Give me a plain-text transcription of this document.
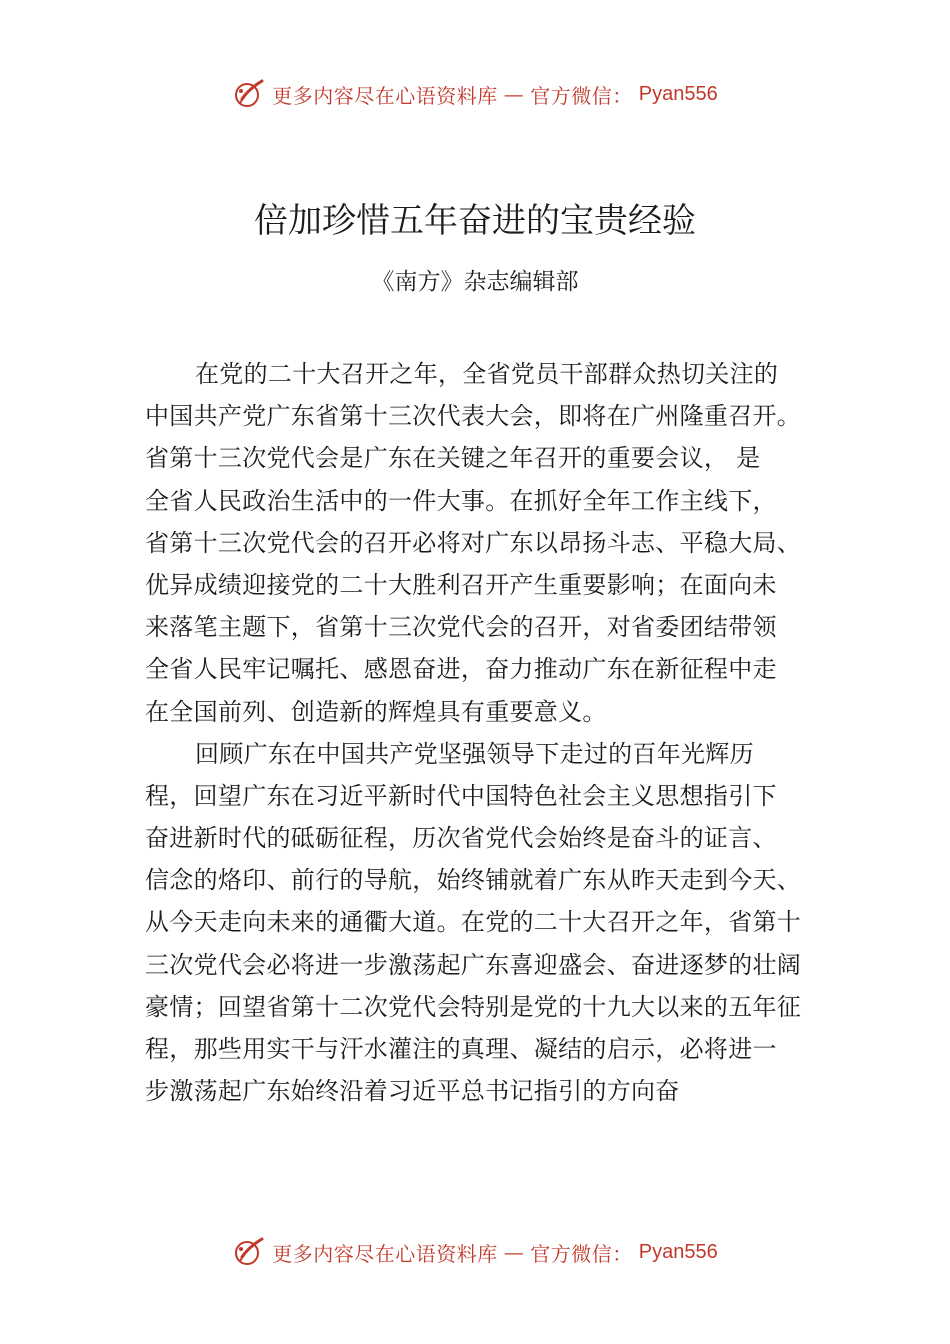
更多内容尽在心语资料库 — 官方微信： Pyan556
倍加珍惜五年奋进的宝贵经验
《南方》杂志编辑部
在党的二十大召开之年，全省党员干部群众热切关注的
中国共产党广东省第十三次代表大会，即将在广州隆重召开。
省第十三次党代会是广东在关键之年召开的重要会议， 是
全省人民政治生活中的一件大事。在抓好全年工作主线下，
省第十三次党代会的召开必将对广东以昂扬斗志、平稳大局、
优异成绩迎接党的二十大胜利召开产生重要影响；在面向未
来落笔主题下，省第十三次党代会的召开，对省委团结带领
全省人民牢记嘱托、感恩奋进，奋力推动广东在新征程中走
在全国前列、创造新的辉煌具有重要意义。
回顾广东在中国共产党坚强领导下走过的百年光辉历
程，回望广东在习近平新时代中国特色社会主义思想指引下
奋进新时代的砥砺征程，历次省党代会始终是奋斗的证言、
信念的烙印、前行的导航，始终铺就着广东从昨天走到今天、
从今天走向未来的通衢大道。在党的二十大召开之年，省第十
三次党代会必将进一步激荡起广东喜迎盛会、奋进逐梦的壮阔
豪情；回望省第十二次党代会特别是党的十九大以来的五年征
程，那些用实干与汗水灌注的真理、凝结的启示，必将进一
步激荡起广东始终沿着习近平总书记指引的方向奋
更多内容尽在心语资料库 — 官方微信： Pyan556
